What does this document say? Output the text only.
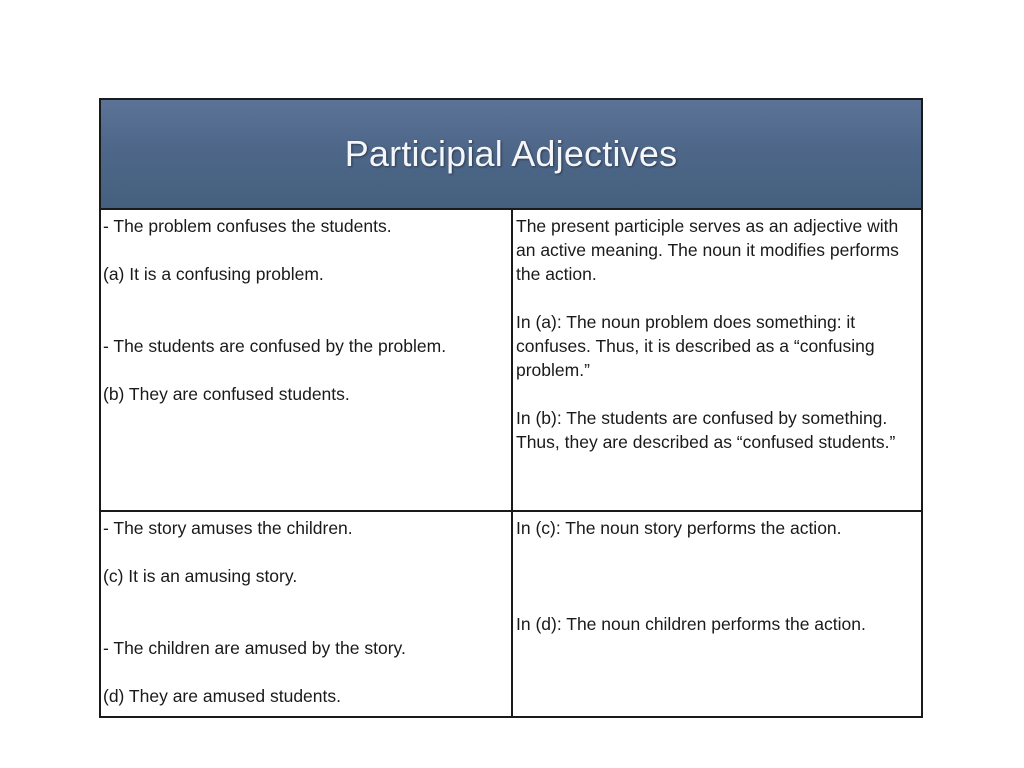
Participial Adjectives
- The problem confuses the students.
(a) It is a confusing problem.
- The students are confused by the problem.
(b) They are confused students.
The present participle serves as an adjective with an active meaning. The noun it modifies performs the action.
In (a): The noun problem does something: it confuses. Thus, it is described as a “confusing problem.”
In (b): The students are confused by something. Thus, they are described as “confused students.”
- The story amuses the children.
(c) It is an amusing story.
- The children are amused by the story.
(d) They are amused students.
In (c): The noun story performs the action.
In (d): The noun children performs the action.
